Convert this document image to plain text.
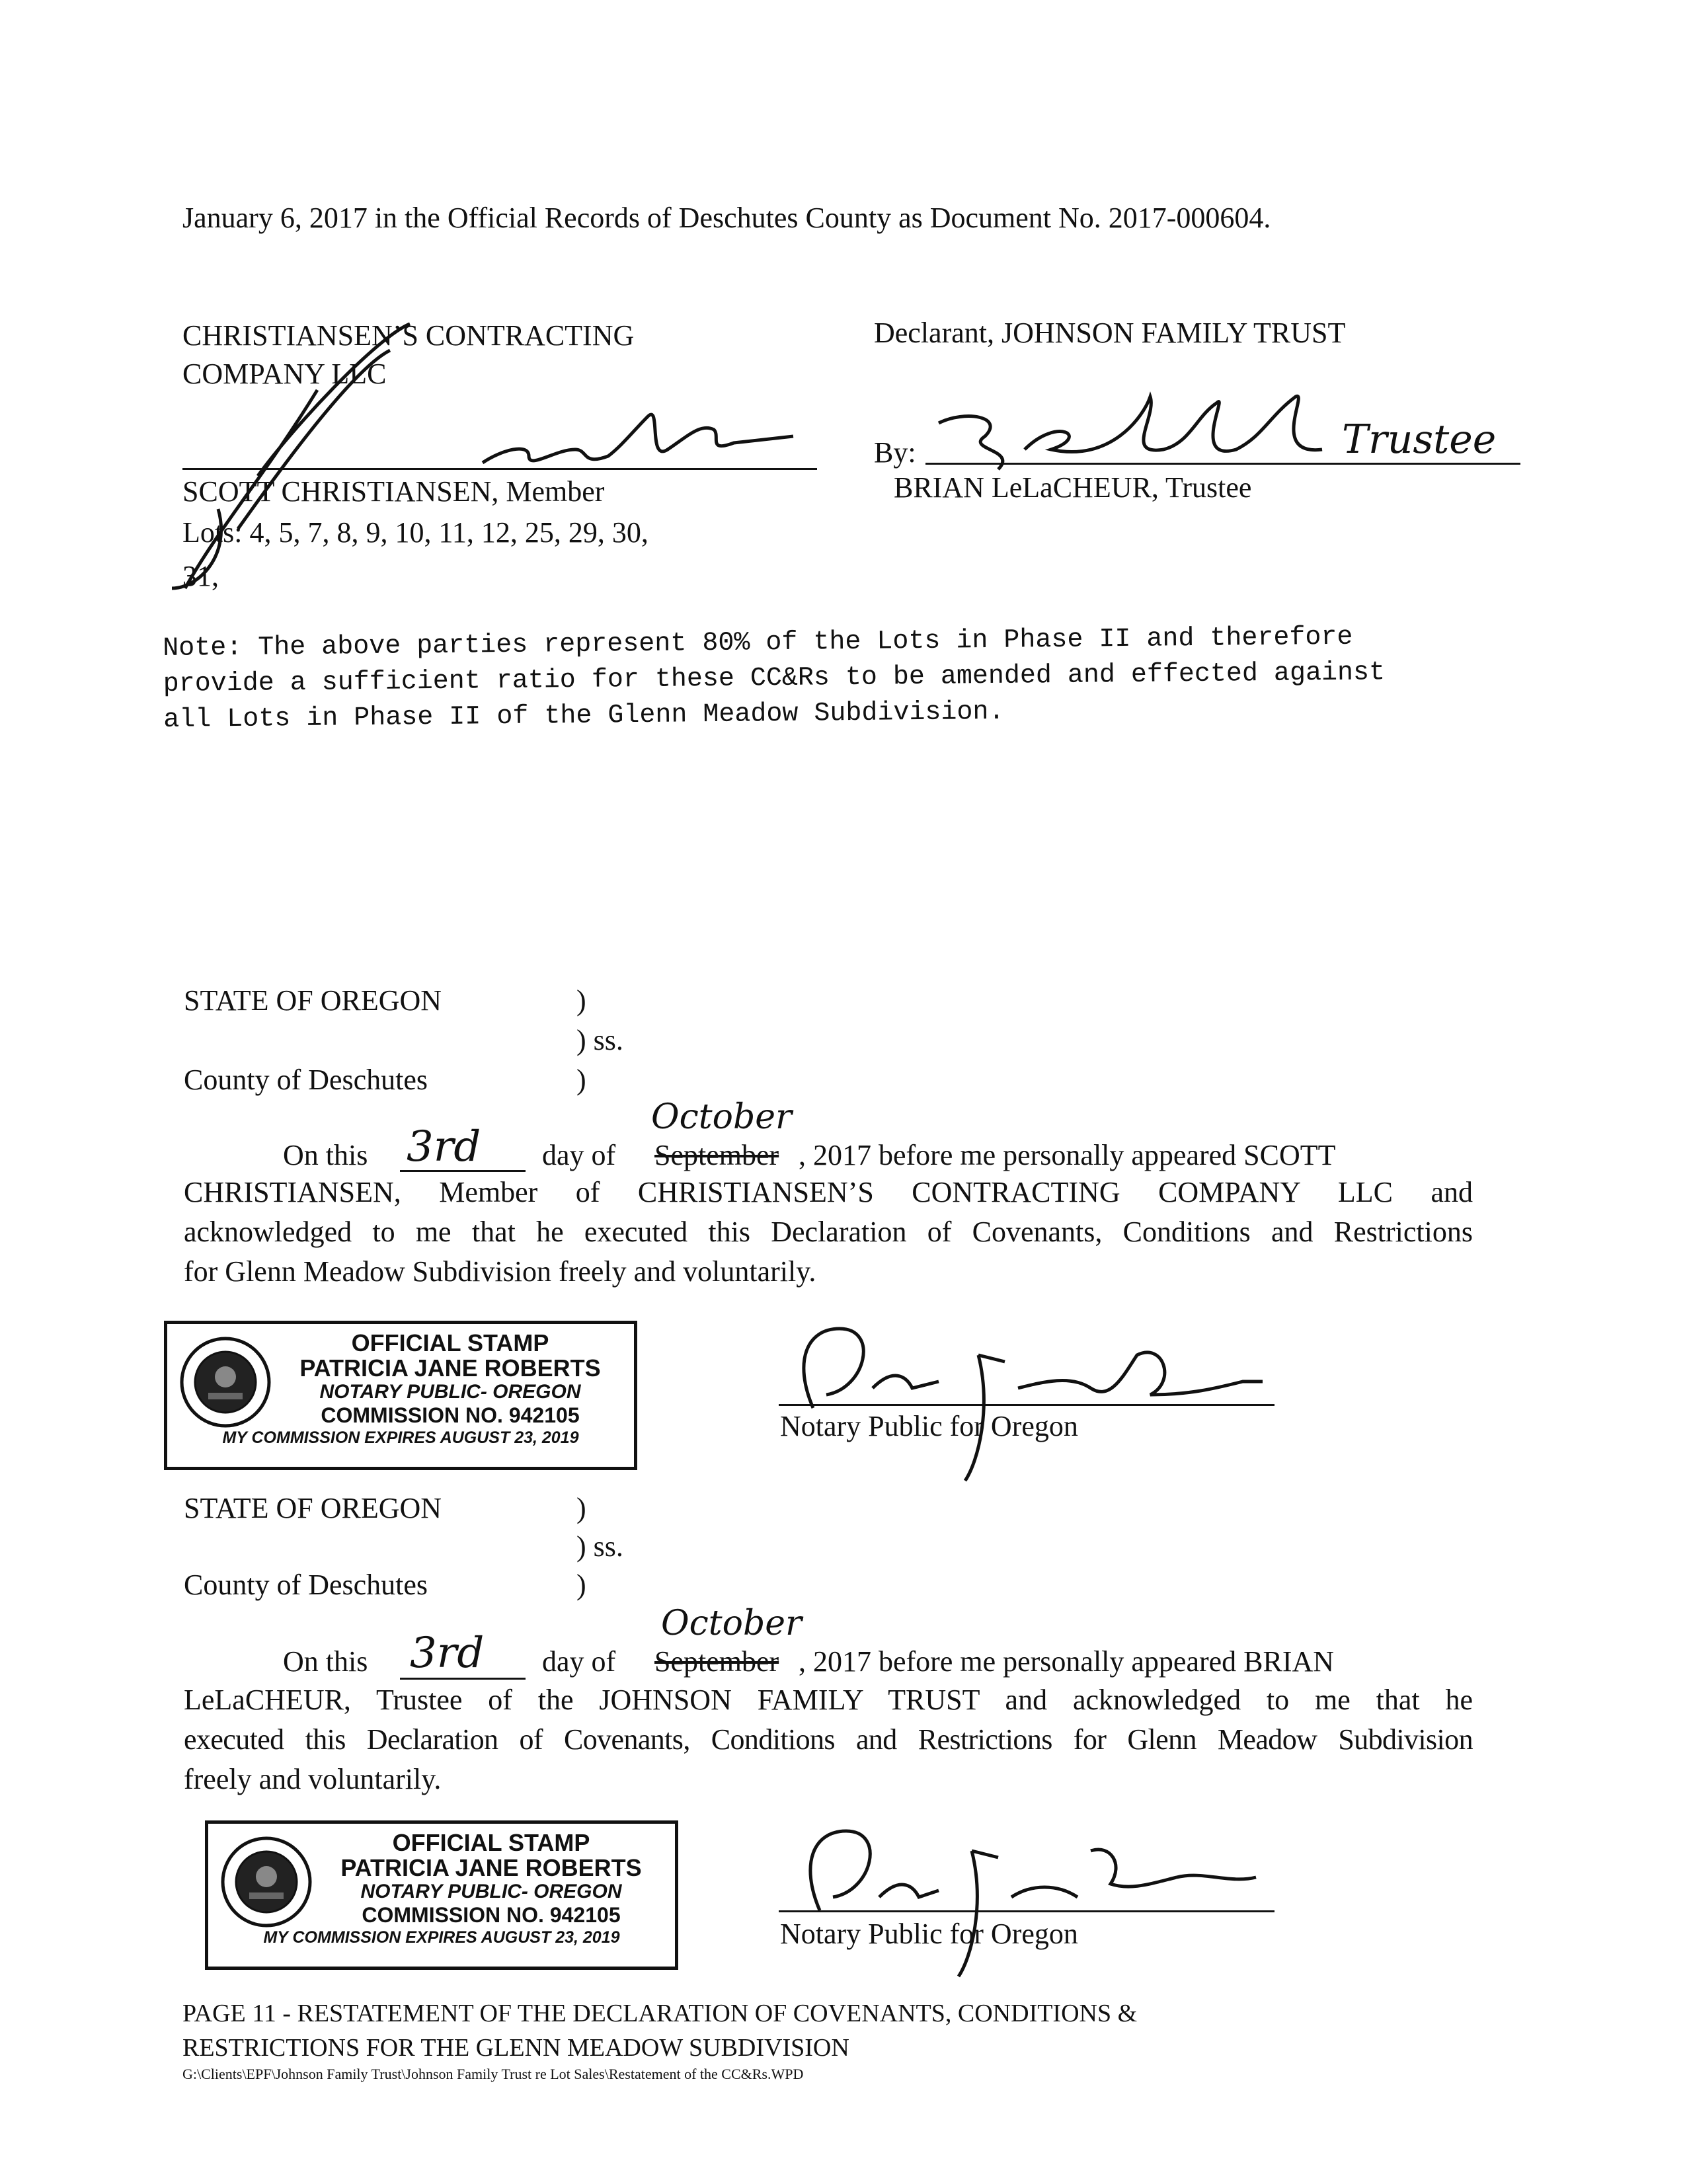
January 6, 2017 in the Official Records of Deschutes County as Document No. 2017-000604.
CHRISTIANSEN’S CONTRACTING
COMPANY LLC
SCOTT CHRISTIANSEN, Member
Lots: 4, 5, 7, 8, 9, 10, 11, 12, 25, 29, 30,
31,
Declarant, JOHNSON FAMILY TRUST
By:
BRIAN LeLaCHEUR, Trustee
Trustee
Note: The above parties represent 80% of the Lots in Phase II and therefore
provide a sufficient ratio for these CC&Rs to be amended and effected against
all Lots in Phase II of the Glenn Meadow Subdivision.
STATE OF OREGON	)
) ss.
County of Deschutes	)
October
On this 3rd day of September , 2017 before me personally appeared SCOTT
CHRISTIANSEN, Member of CHRISTIANSEN’S CONTRACTING COMPANY LLC and
acknowledged to me that he executed this Declaration of Covenants, Conditions and Restrictions
for Glenn Meadow Subdivision freely and voluntarily.
OFFICIAL STAMP
PATRICIA JANE ROBERTS
NOTARY PUBLIC- OREGON
COMMISSION NO. 942105
MY COMMISSION EXPIRES AUGUST 23, 2019	Notary Public for Oregon
STATE OF OREGON	)
) ss.
County of Deschutes	)
October
On this 3rd day of September , 2017 before me personally appeared BRIAN
LeLaCHEUR, Trustee of the JOHNSON FAMILY TRUST and acknowledged to me that he
executed this Declaration of Covenants, Conditions and Restrictions for Glenn Meadow Subdivision
freely and voluntarily.
OFFICIAL STAMP
PATRICIA JANE ROBERTS
NOTARY PUBLIC- OREGON
COMMISSION NO. 942105
MY COMMISSION EXPIRES AUGUST 23, 2019	Notary Public for Oregon
PAGE 11 - RESTATEMENT OF THE DECLARATION OF COVENANTS, CONDITIONS &
RESTRICTIONS FOR THE GLENN MEADOW SUBDIVISION
G:\Clients\EPF\Johnson Family Trust\Johnson Family Trust re Lot Sales\Restatement of the CC&Rs.WPD
